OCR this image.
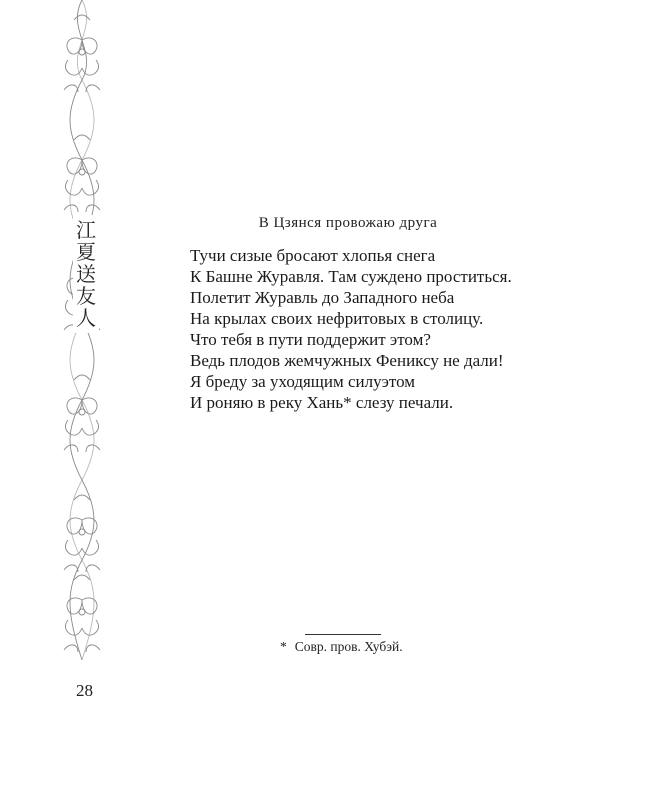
江
夏
送
友
人
В Цзянся провожаю друга
Тучи сизые бросают хлопья снега
К Башне Журавля. Там суждено проститься.
Полетит Журавль до Западного неба
На крылах своих нефритовых в столицу.
Что тебя в пути поддержит этом?
Ведь плодов жемчужных Фениксу не дали!
Я бреду за уходящим силуэтом
И роняю в реку Хань* слезу печали.
* Совр. пров. Хубэй.
28
